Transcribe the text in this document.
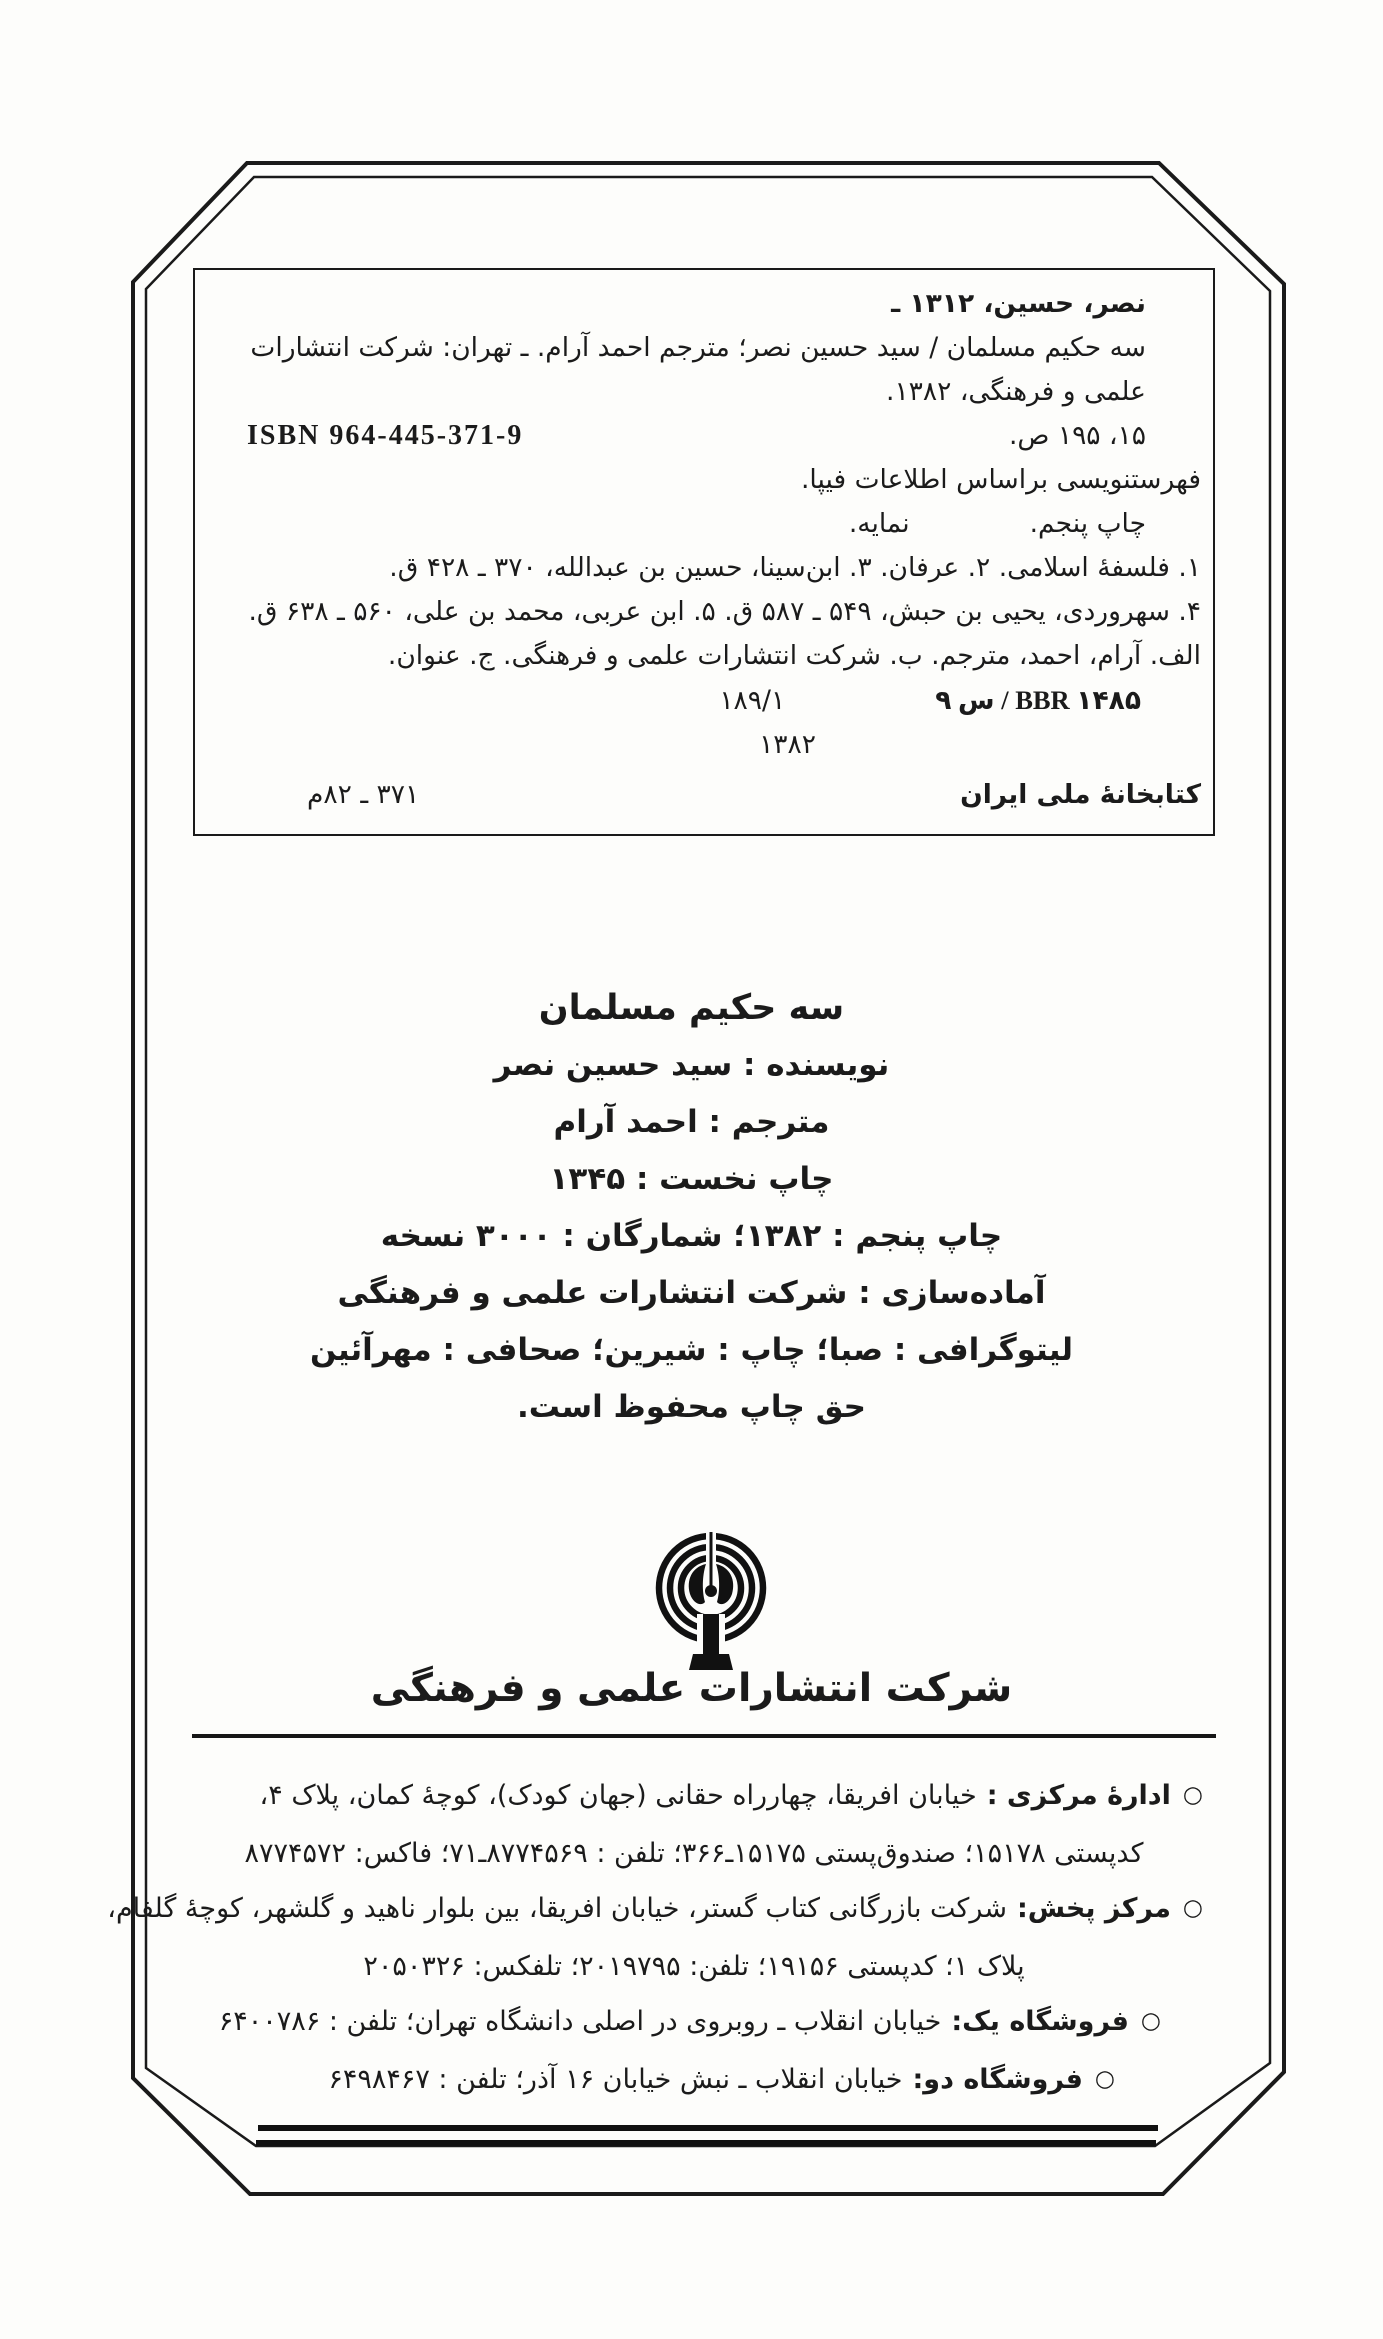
نصر، حسین، ۱۳۱۲ ـ
سه حکیم مسلمان / سید حسین نصر؛ مترجم احمد آرام. ـ تهران: شرکت انتشارات
علمی و فرهنگی، ۱۳۸۲.
۱۵، ۱۹۵ ص.
ISBN 964-445-371-9
فهرستنویسی براساس اطلاعات فیپا.
چاپ پنجم.
نمایه.
۱. فلسفهٔ اسلامی. ۲. عرفان. ۳. ابن‌سینا، حسین بن عبدالله، ۳۷۰ ـ ۴۲۸ ق.
۴. سهروردی، یحیی بن حبش، ۵۴۹ ـ ۵۸۷ ق. ۵. ابن عربی، محمد بن علی، ۵۶۰ ـ ۶۳۸ ق.
الف. آرام، احمد، مترجم. ب. شرکت انتشارات علمی و فرهنگی. ج. عنوان.
BBR ۱۴۸۵ / س ۹
۱۸۹/۱
۱۳۸۲
کتابخانهٔ ملی ایران
۳۷۱ ـ ۸۲م
سه حکیم مسلمان
نویسنده : سید حسین نصر
مترجم : احمد آرام
چاپ نخست : ۱۳۴۵
چاپ پنجم : ۱۳۸۲؛ شمارگان : ۳۰۰۰ نسخه
آماده‌سازی : شرکت انتشارات علمی و فرهنگی
لیتوگرافی : صبا؛ چاپ : شیرین؛ صحافی : مهرآئین
حق چاپ محفوظ است.
شرکت انتشارات علمی و فرهنگی
○
ادارهٔ مرکزی :
خیابان افریقا، چهارراه حقانی (جهان کودک)، کوچهٔ کمان، پلاک ۴،
کدپستی ۱۵۱۷۸؛ صندوق‌پستی ۱۵۱۷۵ـ۳۶۶؛ تلفن : ۸۷۷۴۵۶۹ـ۷۱؛ فاکس: ۸۷۷۴۵۷۲
○
مرکز پخش:
شرکت بازرگانی کتاب گستر، خیابان افریقا، بین بلوار ناهید و گلشهر، کوچهٔ گلفام،
پلاک ۱؛ کدپستی ۱۹۱۵۶؛ تلفن: ۲۰۱۹۷۹۵؛ تلفکس: ۲۰۵۰۳۲۶
○
فروشگاه یک:
خیابان انقلاب ـ روبروی در اصلی دانشگاه تهران؛ تلفن : ۶۴۰۰۷۸۶
○
فروشگاه دو:
خیابان انقلاب ـ نبش خیابان ۱۶ آذر؛ تلفن : ۶۴۹۸۴۶۷
